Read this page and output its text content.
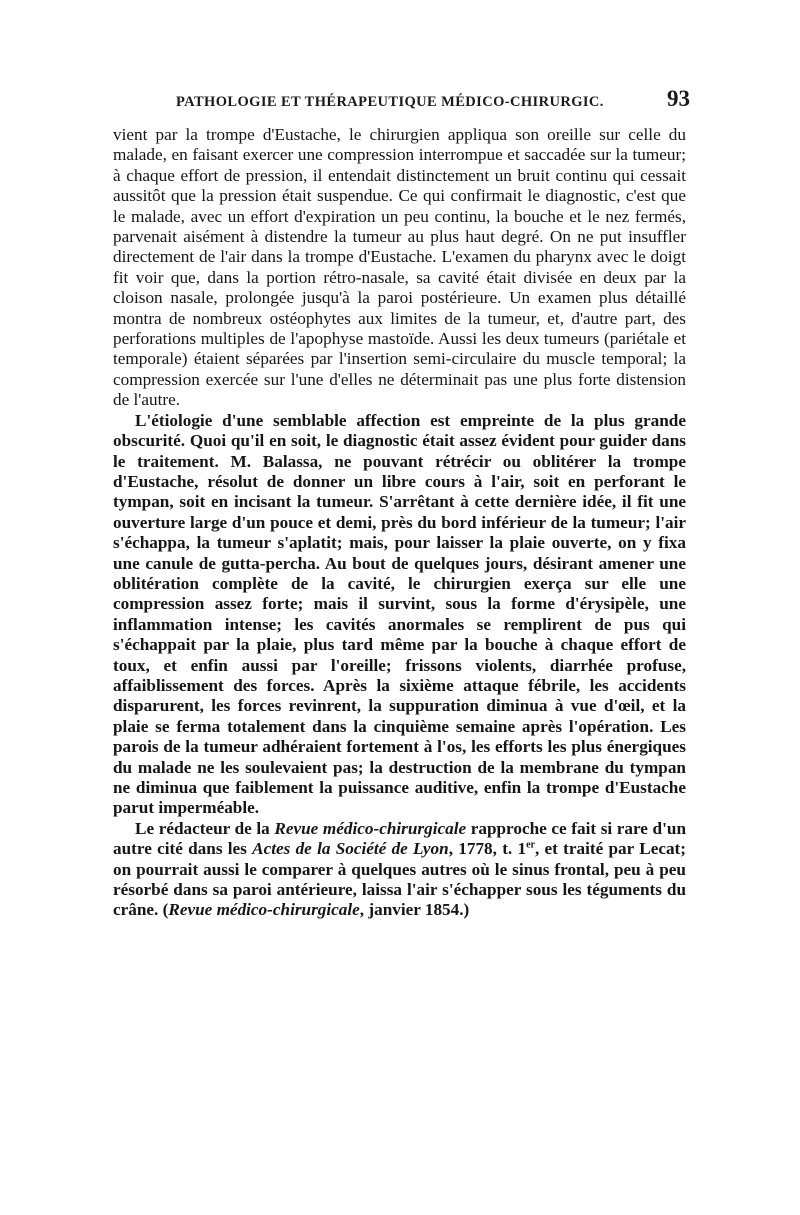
PATHOLOGIE ET THÉRAPEUTIQUE MÉDICO-CHIRURGIC.	93

vient par la trompe d'Eustache, le chirurgien appliqua son oreille sur celle du malade, en faisant exercer une compression interrompue et saccadée sur la tumeur; à chaque effort de pression, il entendait distinctement un bruit continu qui cessait aussitôt que la pression était suspendue. Ce qui confirmait le diagnostic, c'est que le malade, avec un effort d'expiration un peu continu, la bouche et le nez fermés, parvenait aisément à distendre la tumeur au plus haut degré. On ne put insuffler directement de l'air dans la trompe d'Eustache. L'examen du pharynx avec le doigt fit voir que, dans la portion rétro-nasale, sa cavité était divisée en deux par la cloison nasale, prolongée jusqu'à la paroi postérieure. Un examen plus détaillé montra de nombreux ostéophytes aux limites de la tumeur, et, d'autre part, des perforations multiples de l'apophyse mastoïde. Aussi les deux tumeurs (pariétale et temporale) étaient séparées par l'insertion semi-circulaire du muscle temporal; la compression exercée sur l'une d'elles ne déterminait pas une plus forte distension de l'autre.

L'étiologie d'une semblable affection est empreinte de la plus grande obscurité. Quoi qu'il en soit, le diagnostic était assez évident pour guider dans le traitement. M. Balassa, ne pouvant rétrécir ou oblitérer la trompe d'Eustache, résolut de donner un libre cours à l'air, soit en perforant le tympan, soit en incisant la tumeur. S'arrêtant à cette dernière idée, il fit une ouverture large d'un pouce et demi, près du bord inférieur de la tumeur; l'air s'échappa, la tumeur s'aplatit; mais, pour laisser la plaie ouverte, on y fixa une canule de gutta-percha. Au bout de quelques jours, désirant amener une oblitération complète de la cavité, le chirurgien exerça sur elle une compression assez forte; mais il survint, sous la forme d'érysipèle, une inflammation intense; les cavités anormales se remplirent de pus qui s'échappait par la plaie, plus tard même par la bouche à chaque effort de toux, et enfin aussi par l'oreille; frissons violents, diarrhée profuse, affaiblissement des forces. Après la sixième attaque fébrile, les accidents disparurent, les forces revinrent, la suppuration diminua à vue d'œil, et la plaie se ferma totalement dans la cinquième semaine après l'opération. Les parois de la tumeur adhéraient fortement à l'os, les efforts les plus énergiques du malade ne les soulevaient pas; la destruction de la membrane du tympan ne diminua que faiblement la puissance auditive, enfin la trompe d'Eustache parut imperméable.

Le rédacteur de la Revue médico-chirurgicale rapproche ce fait si rare d'un autre cité dans les Actes de la Société de Lyon, 1778, t. 1er, et traité par Lecat; on pourrait aussi le comparer à quelques autres où le sinus frontal, peu à peu résorbé dans sa paroi antérieure, laissa l'air s'échapper sous les téguments du crâne. (Revue médico-chirurgicale, janvier 1854.)
